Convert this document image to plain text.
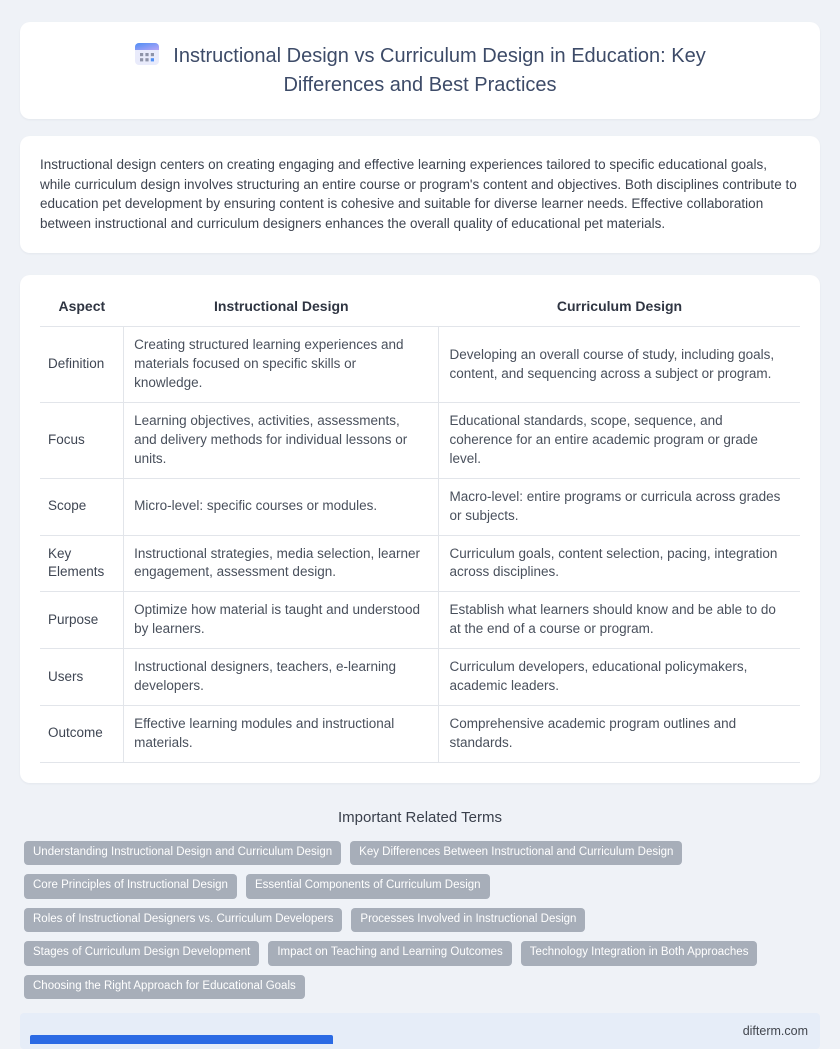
Instructional Design vs Curriculum Design in Education: Key Differences and Best Practices

Instructional design centers on creating engaging and effective learning experiences tailored to specific educational goals, while curriculum design involves structuring an entire course or program's content and objectives. Both disciplines contribute to education pet development by ensuring content is cohesive and suitable for diverse learner needs. Effective collaboration between instructional and curriculum designers enhances the overall quality of educational pet materials.

Aspect	Instructional Design	Curriculum Design
Definition	Creating structured learning experiences and materials focused on specific skills or knowledge.	Developing an overall course of study, including goals, content, and sequencing across a subject or program.
Focus	Learning objectives, activities, assessments, and delivery methods for individual lessons or units.	Educational standards, scope, sequence, and coherence for an entire academic program or grade level.
Scope	Micro-level: specific courses or modules.	Macro-level: entire programs or curricula across grades or subjects.
Key Elements	Instructional strategies, media selection, learner engagement, assessment design.	Curriculum goals, content selection, pacing, integration across disciplines.
Purpose	Optimize how material is taught and understood by learners.	Establish what learners should know and be able to do at the end of a course or program.
Users	Instructional designers, teachers, e-learning developers.	Curriculum developers, educational policymakers, academic leaders.
Outcome	Effective learning modules and instructional materials.	Comprehensive academic program outlines and standards.
Important Related Terms
Understanding Instructional Design and Curriculum Design	Key Differences Between Instructional and Curriculum Design
Core Principles of Instructional Design	Essential Components of Curriculum Design
Roles of Instructional Designers vs. Curriculum Developers	Processes Involved in Instructional Design
Stages of Curriculum Design Development	Impact on Teaching and Learning Outcomes	Technology Integration in Both Approaches
Choosing the Right Approach for Educational Goals
difterm.com
